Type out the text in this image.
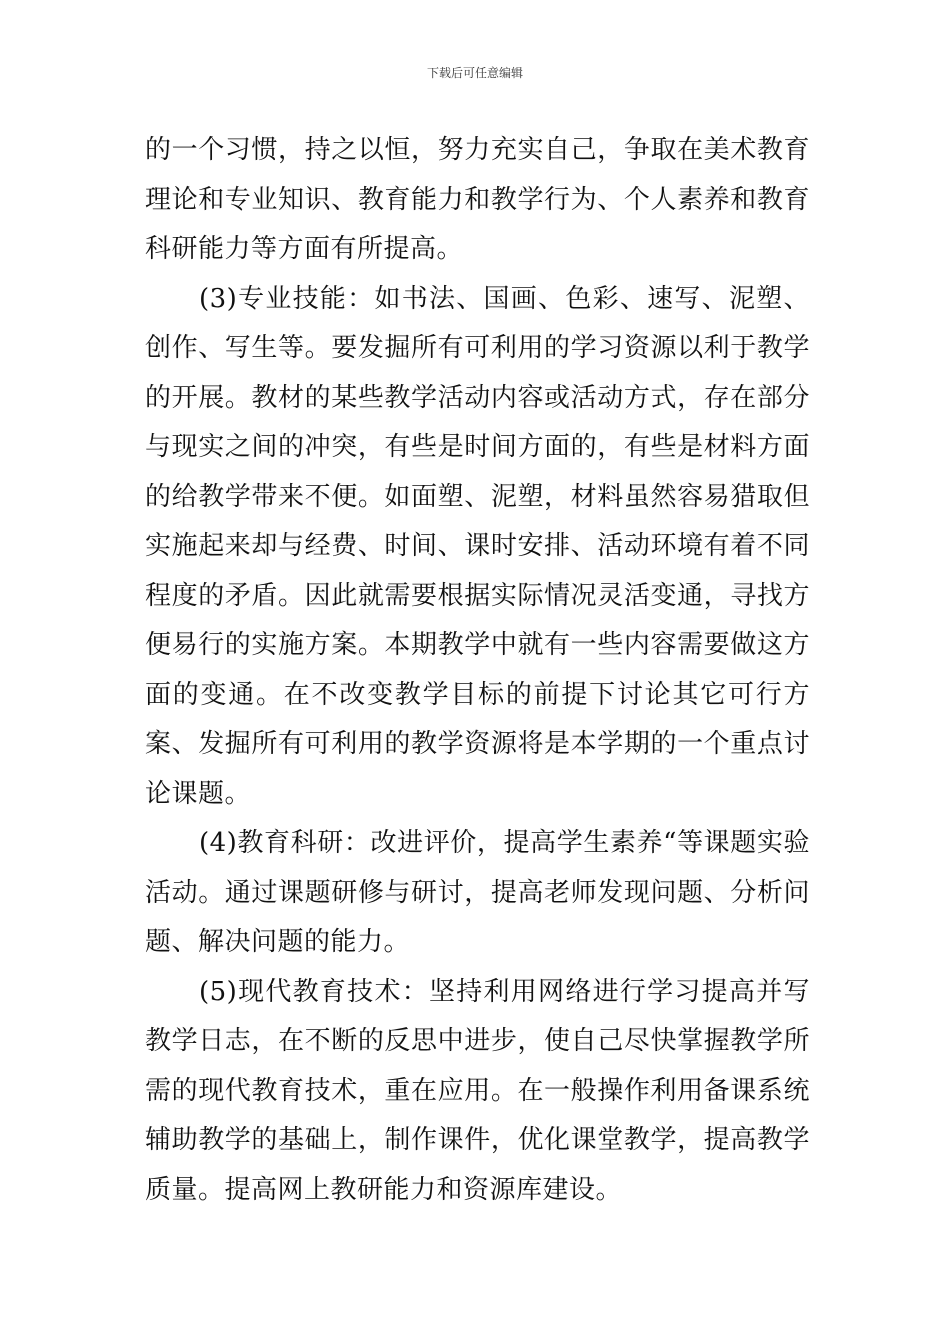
下载后可任意编辑

的一个习惯，持之以恒，努力充实自己，争取在美术教育理论和专业知识、教育能力和教学行为、个人素养和教育科研能力等方面有所提高。

(3)专业技能：如书法、国画、色彩、速写、泥塑、创作、写生等。要发掘所有可利用的学习资源以利于教学的开展。教材的某些教学活动内容或活动方式，存在部分与现实之间的冲突，有些是时间方面的，有些是材料方面的给教学带来不便。如面塑、泥塑，材料虽然容易猎取但实施起来却与经费、时间、课时安排、活动环境有着不同程度的矛盾。因此就需要根据实际情况灵活变通，寻找方便易行的实施方案。本期教学中就有一些内容需要做这方面的变通。在不改变教学目标的前提下讨论其它可行方案、发掘所有可利用的教学资源将是本学期的一个重点讨论课题。

(4)教育科研：改进评价，提高学生素养“等课题实验活动。通过课题研修与研讨，提高老师发现问题、分析问题、解决问题的能力。

(5)现代教育技术：坚持利用网络进行学习提高并写教学日志，在不断的反思中进步，使自己尽快掌握教学所需的现代教育技术，重在应用。在一般操作利用备课系统辅助教学的基础上，制作课件，优化课堂教学，提高教学质量。提高网上教研能力和资源库建设。
